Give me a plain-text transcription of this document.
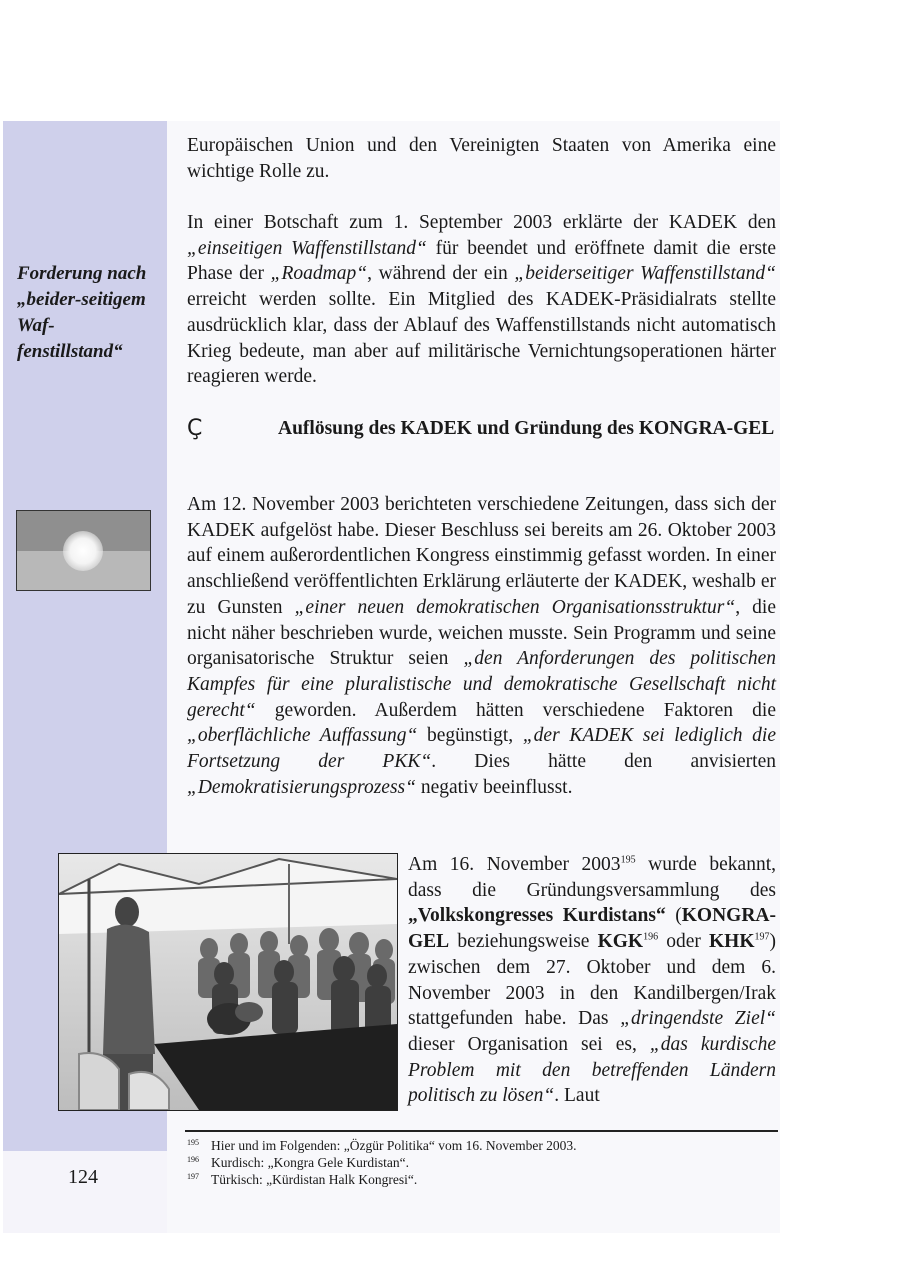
Forderung nach „beider-seitigem Waf-fenstillstand“

Europäischen Union und den Vereinigten Staaten von Amerika eine wichtige Rolle zu.

In einer Botschaft zum 1. September 2003 erklärte der KADEK den „einseitigen Waffenstillstand“ für beendet und eröffnete damit die erste Phase der „Roadmap“, während der ein „beiderseitiger Waffenstillstand“ erreicht werden sollte. Ein Mitglied des KADEK-Präsidialrats stellte ausdrücklich klar, dass der Ablauf des Waffenstillstands nicht automatisch Krieg bedeute, man aber auf militärische Vernichtungsoperationen härter reagieren werde.

Ç	Auflösung des KADEK und Gründung des KONGRA-GEL

Am 12. November 2003 berichteten verschiedene Zeitungen, dass sich der KADEK aufgelöst habe. Dieser Beschluss sei bereits am 26. Oktober 2003 auf einem außerordentlichen Kongress einstimmig gefasst worden. In einer anschließend veröffentlichten Erklärung erläuterte der KADEK, weshalb er zu Gunsten „einer neuen demokratischen Organisationsstruktur“, die nicht näher beschrieben wurde, weichen musste. Sein Programm und seine organisatorische Struktur seien „den Anforderungen des politischen Kampfes für eine pluralistische und demokratische Gesellschaft nicht gerecht“ geworden. Außerdem hätten verschiedene Faktoren die „oberflächliche Auffassung“ begünstigt, „der KADEK sei lediglich die Fortsetzung der PKK“. Dies hätte den anvisierten „Demokratisierungsprozess“ negativ beeinflusst.

Am 16. November 2003$^{195}$ wurde bekannt, dass die Gründungsversammlung des „Volkskongresses Kurdistans“ (KONGRA-GEL beziehungsweise KGK$^{196}$ oder KHK$^{197}$) zwischen dem 27. Oktober und dem 6. November 2003 in den Kandilbergen/Irak stattgefunden habe. Das „dringendste Ziel“ dieser Organisation sei es, „das kurdische Problem mit den betreffenden Ländern politisch zu lösen“. Laut

195 Hier und im Folgenden: „Özgür Politika“ vom 16. November 2003.
196 Kurdisch: „Kongra Gele Kurdistan“.
197 Türkisch: „Kürdistan Halk Kongresi“.
124
